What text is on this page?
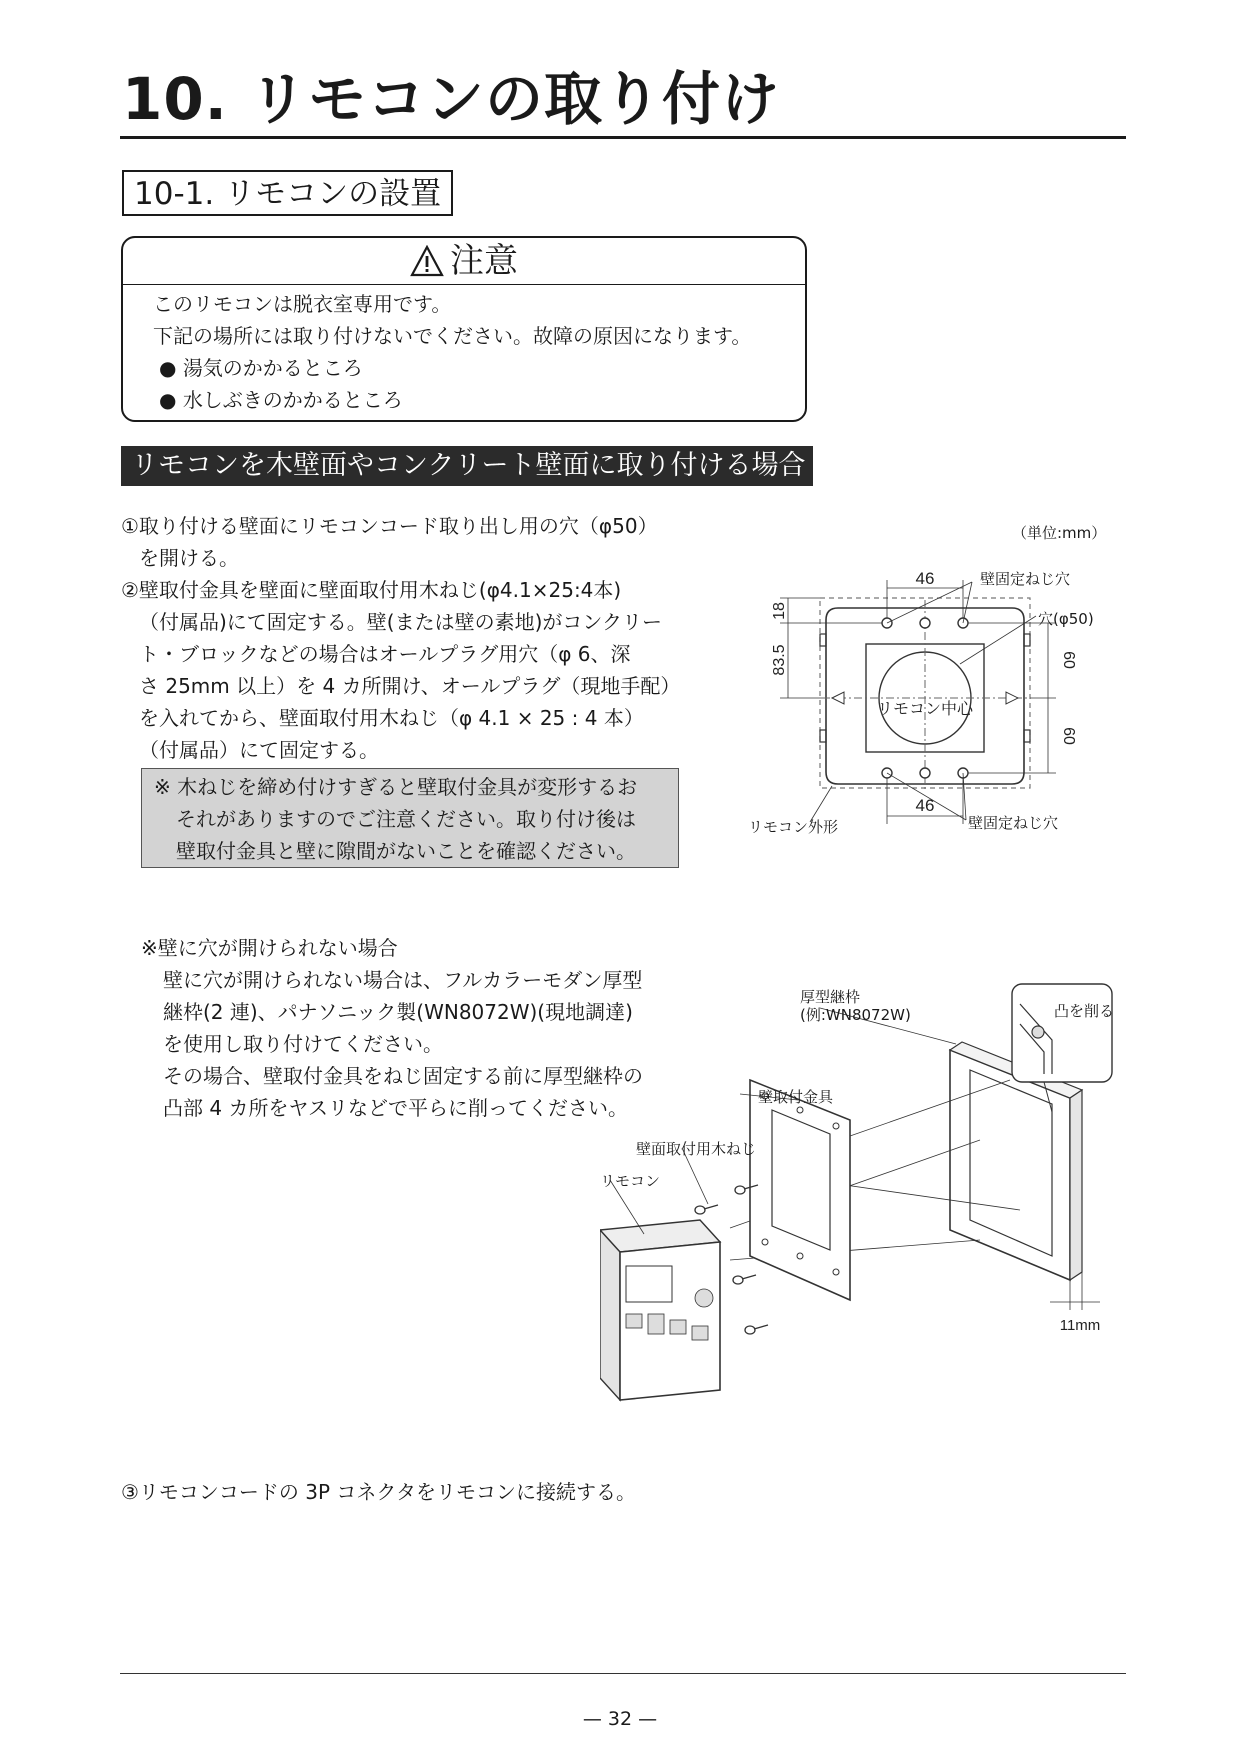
10. リモコンの取り付け
10-1. リモコンの設置
注意
このリモコンは脱衣室専用です。
下記の場所には取り付けないでください。故障の原因になります。
● 湯気のかかるところ
● 水しぶきのかかるところ
リモコンを木壁面やコンクリート壁面に取り付ける場合
①取り付ける壁面にリモコンコード取り出し用の穴（φ50）
を開ける。
②壁取付金具を壁面に壁面取付用木ねじ(φ4.1×25:4本)
（付属品)にて固定する。壁(または壁の素地)がコンクリー
ト・ブロックなどの場合はオールプラグ用穴（φ 6、深
さ 25mm 以上）を 4 カ所開け、オールプラグ（現地手配）
を入れてから、壁面取付用木ねじ（φ 4.1 × 25 : 4 本）
（付属品）にて固定する。
※ 木ねじを締め付けすぎると壁取付金具が変形するお
それがありますのでご注意ください。取り付け後は
壁取付金具と壁に隙間がないことを確認ください。
（単位:mm）
46
46
リモコン中心
18
83.5	60
60
壁固定ねじ穴
穴(φ50)
壁固定ねじ穴
リモコン外形
※壁に穴が開けられない場合
壁に穴が開けられない場合は、フルカラーモダン厚型
継枠(2 連)、パナソニック製(WN8072W)(現地調達)
を使用し取り付けてください。
その場合、壁取付金具をねじ固定する前に厚型継枠の
凸部 4 カ所をヤスリなどで平らに削ってください。
11mm
厚型継枠
(例:WN8072W)	凸を削る
壁取付金具
壁面取付用木ねじ
リモコン
③リモコンコードの 3P コネクタをリモコンに接続する。
— 32 —
